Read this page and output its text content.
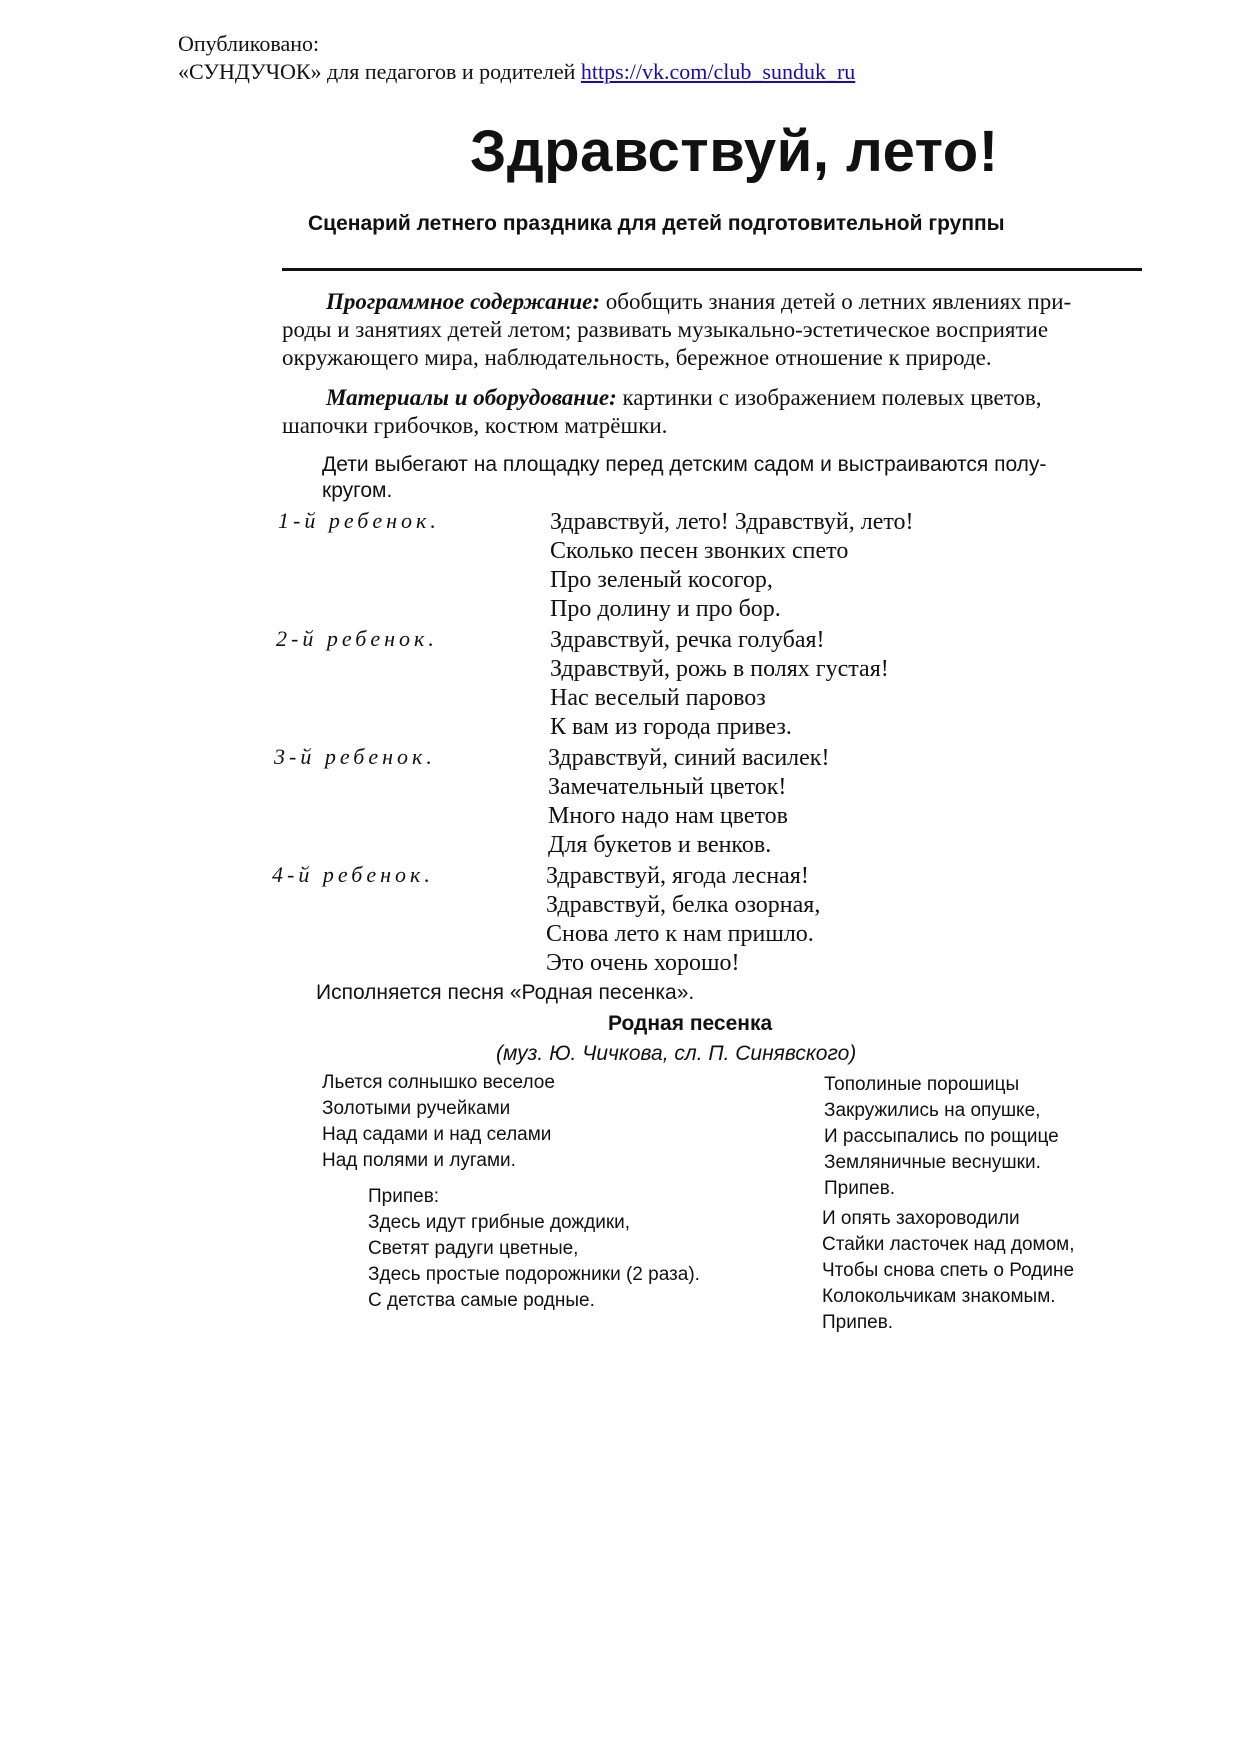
Опубликовано:
«СУНДУЧОК» для педагогов и родителей https://vk.com/club_sunduk_ru
Здравствуй, лето!
Сценарий летнего праздника для детей подготовительной группы
Программное содержание: обобщить знания детей о летних явлениях при-
роды и занятиях детей летом; развивать музыкально-эстетическое восприятие
окружающего мира, наблюдательность, бережное отношение к природе.
Материалы и оборудование: картинки с изображением полевых цветов,
шапочки грибочков, костюм матрёшки.
Дети выбегают на площадку перед детским садом и выстраиваются полу-
кругом.
1-й ребенок.	Здравствуй, лето! Здравствуй, лето!
Сколько песен звонких спето
Про зеленый косогор,
Про долину и про бор.
2-й ребенок.	Здравствуй, речка голубая!
Здравствуй, рожь в полях густая!
Нас веселый паровоз
К вам из города привез.
3-й ребенок.	Здравствуй, синий василек!
Замечательный цветок!
Много надо нам цветов
Для букетов и венков.
4-й ребенок.	Здравствуй, ягода лесная!
Здравствуй, белка озорная,
Снова лето к нам пришло.
Это очень хорошо!
Исполняется песня «Родная песенка».
Родная песенка
(муз. Ю. Чичкова, сл. П. Синявского)
Льется солнышко веселое
Золотыми ручейками
Над садами и над селами
Над полями и лугами.
Припев:
Здесь идут грибные дождики,
Светят радуги цветные,
Здесь простые подорожники (2 раза).
С детства самые родные.
Тополиные порошицы
Закружились на опушке,
И рассыпались по рощице
Земляничные веснушки.
Припев.
И опять захороводили
Стайки ласточек над домом,
Чтобы снова спеть о Родине
Колокольчикам знакомым.
Припев.
